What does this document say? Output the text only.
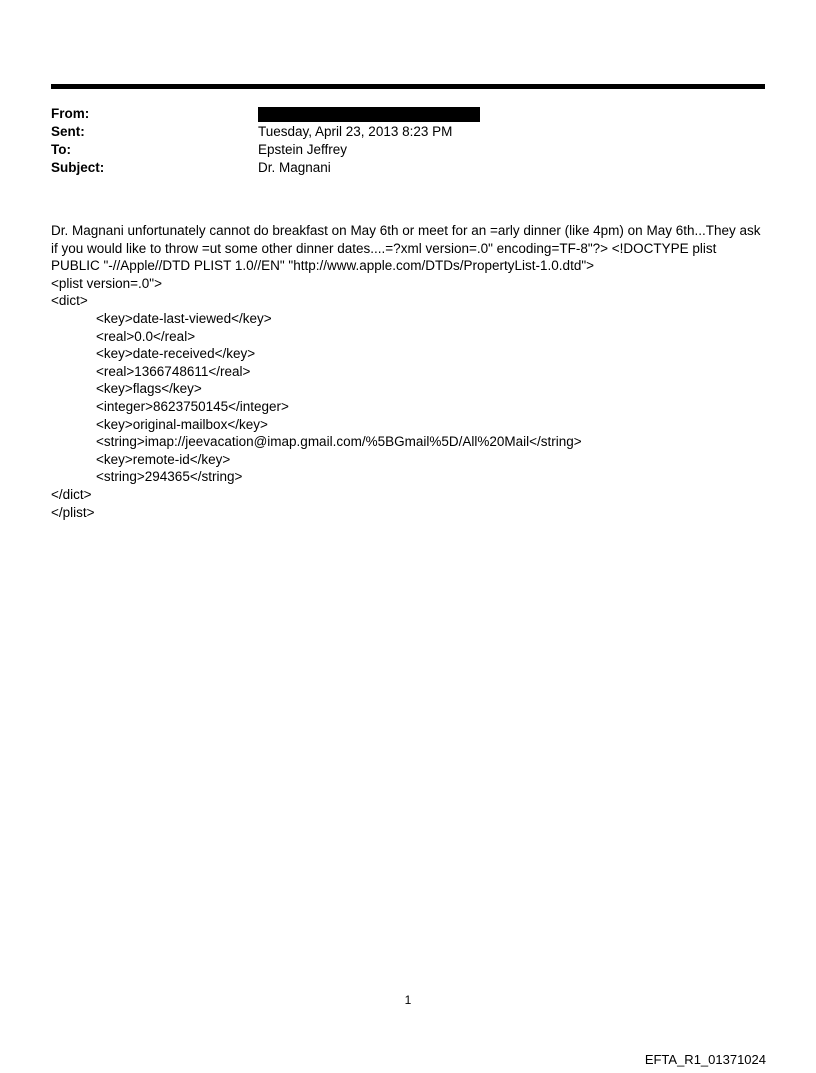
From:
Sent:	Tuesday, April 23, 2013 8:23 PM
To:	Epstein Jeffrey
Subject:	Dr. Magnani

Dr. Magnani unfortunately cannot do breakfast on May 6th or meet for an =arly dinner (like 4pm) on May 6th...They ask if you would like to throw =ut some other dinner dates....=?xml version=.0" encoding=TF-8"?> <!DOCTYPE plist PUBLIC "-//Apple//DTD PLIST 1.0//EN" "http://www.apple.com/DTDs/PropertyList-1.0.dtd">

<plist version=.0">
<dict>
<key>date-last-viewed</key>
<real>0.0</real>
<key>date-received</key>
<real>1366748611</real>
<key>flags</key>
<integer>8623750145</integer>
<key>original-mailbox</key>
<string>imap://jeevacation@imap.gmail.com/%5BGmail%5D/All%20Mail</string>
<key>remote-id</key>
<string>294365</string>
</dict>
</plist>
1
EFTA_R1_01371024
